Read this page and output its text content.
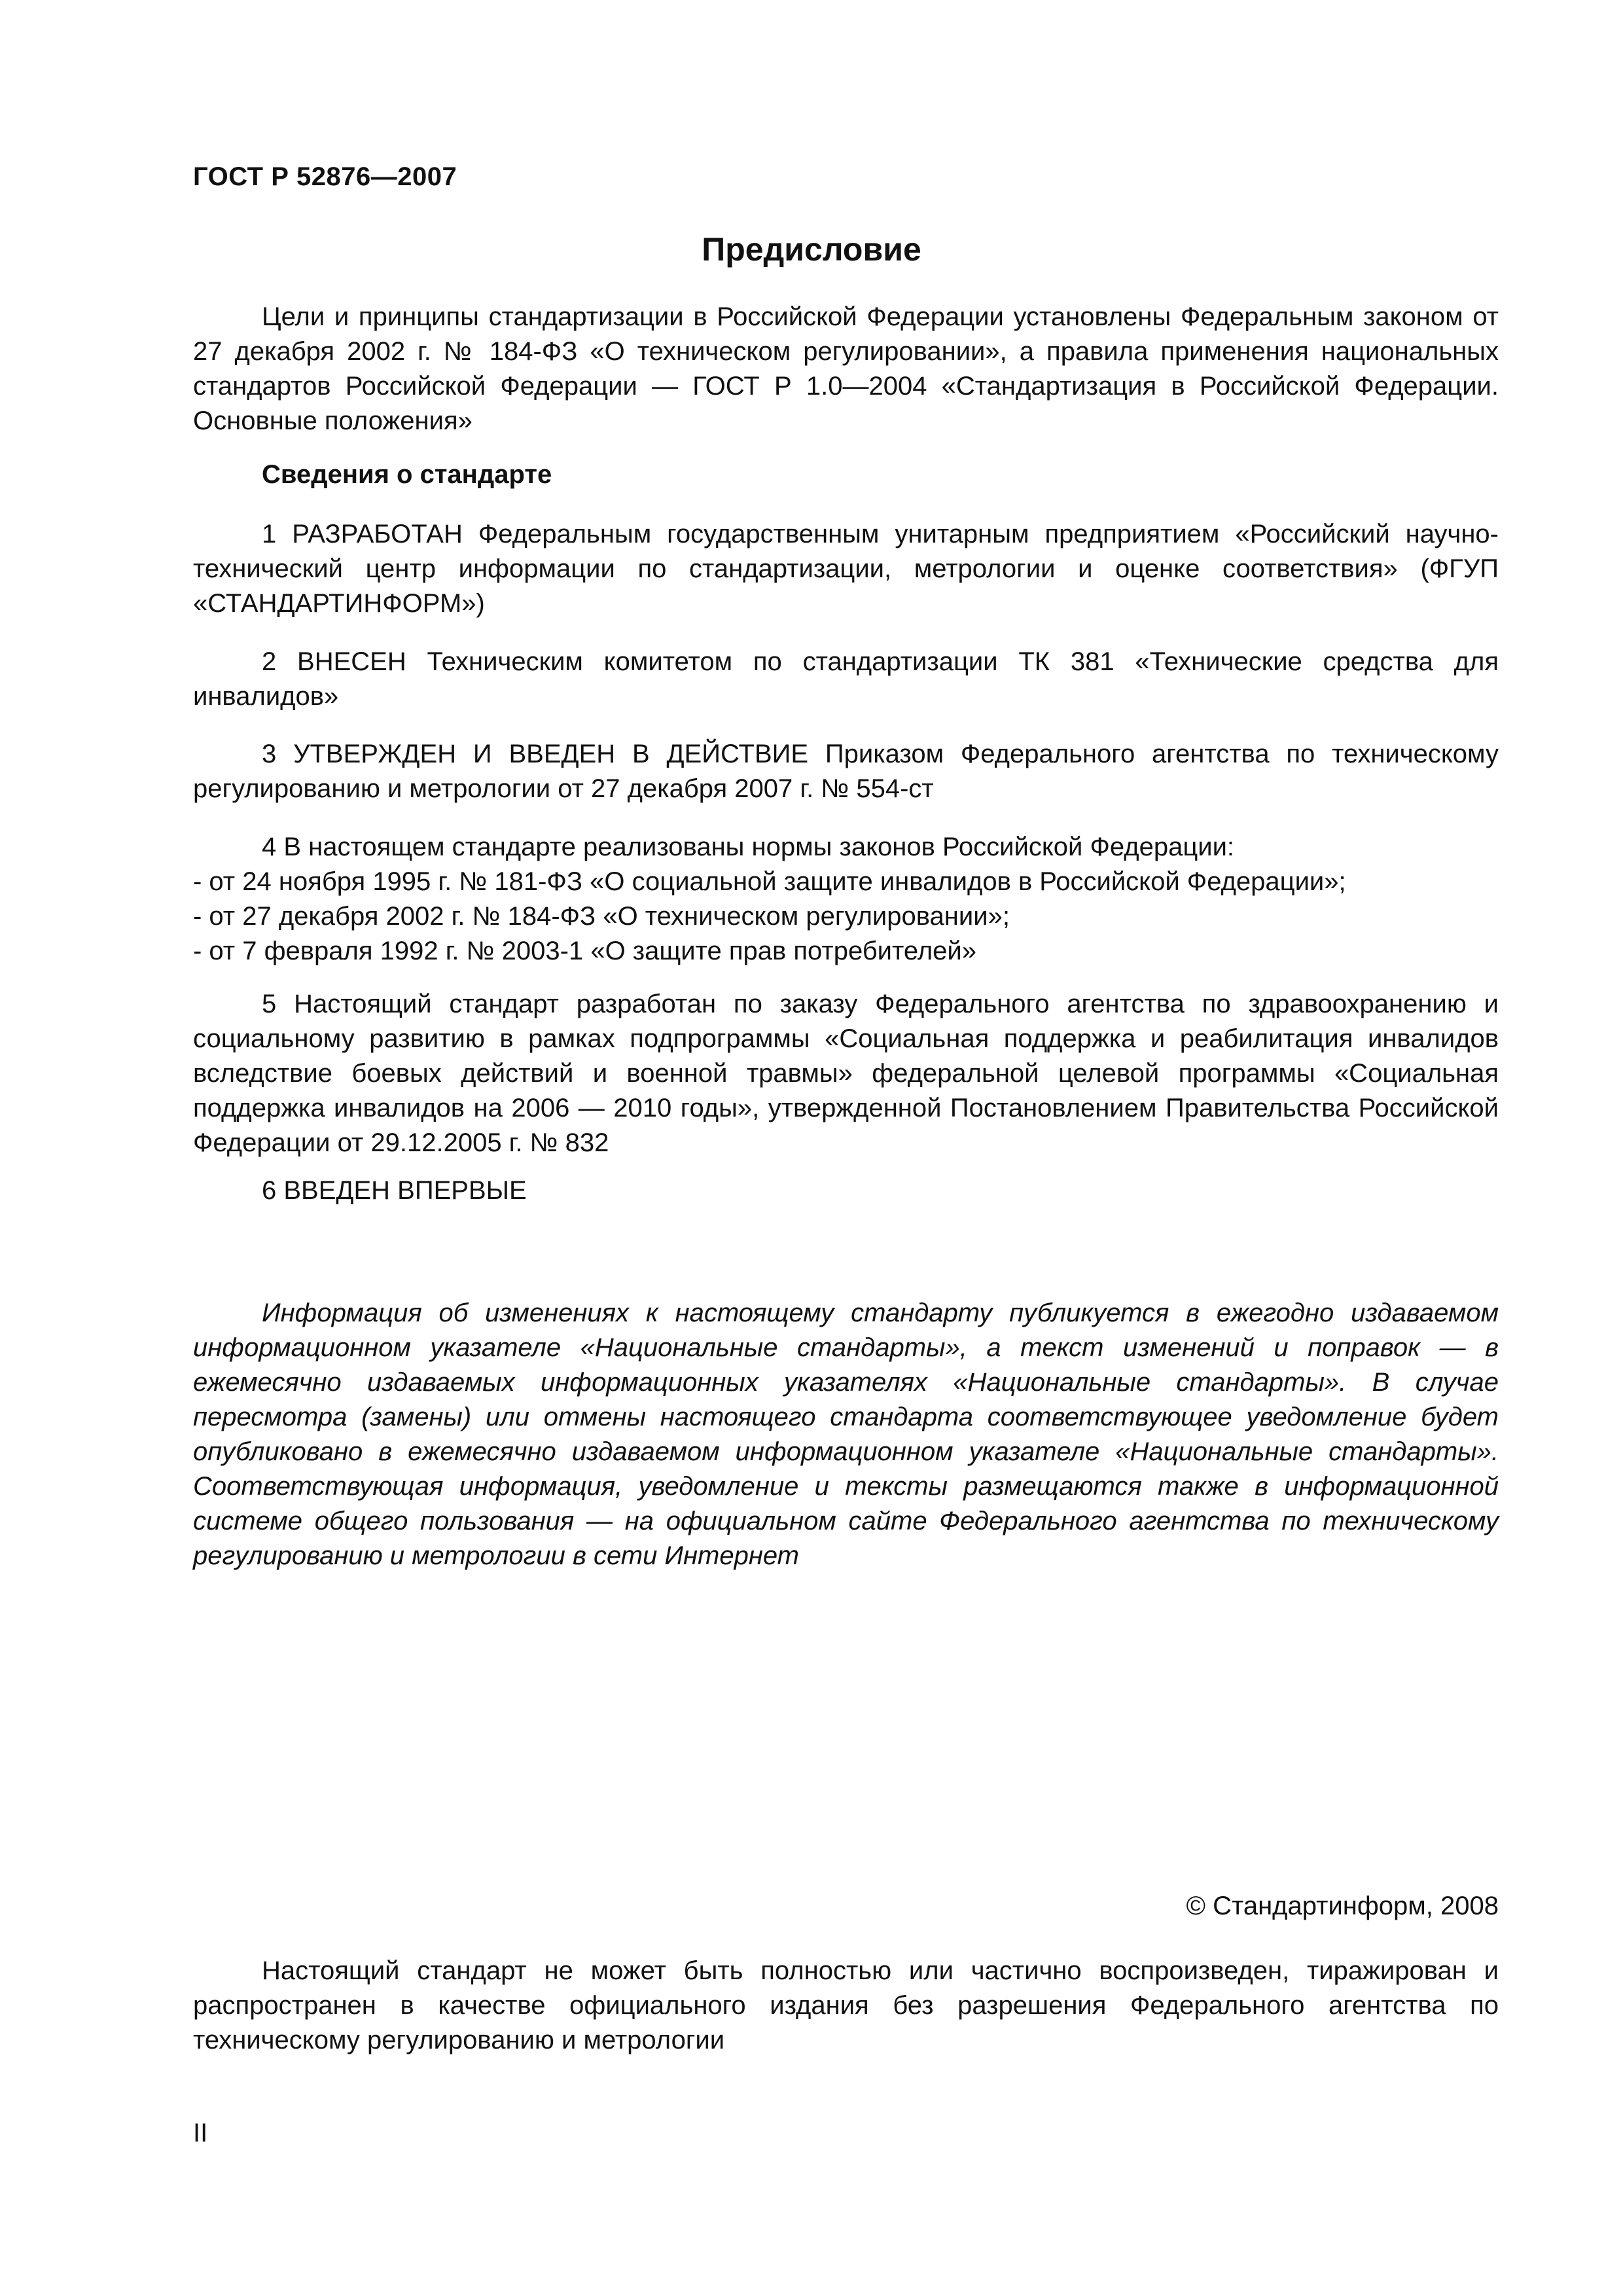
ГОСТ Р 52876—2007
Предисловие

Цели и принципы стандартизации в Российской Федерации установлены Федеральным законом от 27 декабря 2002 г. № 184-ФЗ «О техническом регулировании», а правила применения национальных стандартов Российской Федерации — ГОСТ Р 1.0—2004 «Стандартизация в Российской Федерации. Основные положения»

Сведения о стандарте

1 РАЗРАБОТАН Федеральным государственным унитарным предприятием «Российский научно-технический центр информации по стандартизации, метрологии и оценке соответствия» (ФГУП «СТАНДАРТИНФОРМ»)

2 ВНЕСЕН Техническим комитетом по стандартизации ТК 381 «Технические средства для инвалидов»

3 УТВЕРЖДЕН И ВВЕДЕН В ДЕЙСТВИЕ Приказом Федерального агентства по техническому регулированию и метрологии от 27 декабря 2007 г. № 554-ст

4 В настоящем стандарте реализованы нормы законов Российской Федерации:

- от 24 ноября 1995 г. № 181-ФЗ «О социальной защите инвалидов в Российской Федерации»;

- от 27 декабря 2002 г. № 184-ФЗ «О техническом регулировании»;

- от 7 февраля 1992 г. № 2003-1 «О защите прав потребителей»

5 Настоящий стандарт разработан по заказу Федерального агентства по здравоохранению и социальному развитию в рамках подпрограммы «Социальная поддержка и реабилитация инвалидов вследствие боевых действий и военной травмы» федеральной целевой программы «Социальная поддержка инвалидов на 2006 — 2010 годы», утвержденной Постановлением Правительства Российской Федерации от 29.12.2005 г. № 832

6 ВВЕДЕН ВПЕРВЫЕ

Информация об изменениях к настоящему стандарту публикуется в ежегодно издаваемом информационном указателе «Национальные стандарты», а текст изменений и поправок — в ежемесячно издаваемых информационных указателях «Национальные стандарты». В случае пересмотра (замены) или отмены настоящего стандарта соответствующее уведомление будет опубликовано в ежемесячно издаваемом информационном указателе «Национальные стандарты». Соответствующая информация, уведомление и тексты размещаются также в информационной системе общего пользования — на официальном сайте Федерального агентства по техническому регулированию и метрологии в сети Интернет

© Стандартинформ, 2008

Настоящий стандарт не может быть полностью или частично воспроизведен, тиражирован и распространен в качестве официального издания без разрешения Федерального агентства по техническому регулированию и метрологии

II
